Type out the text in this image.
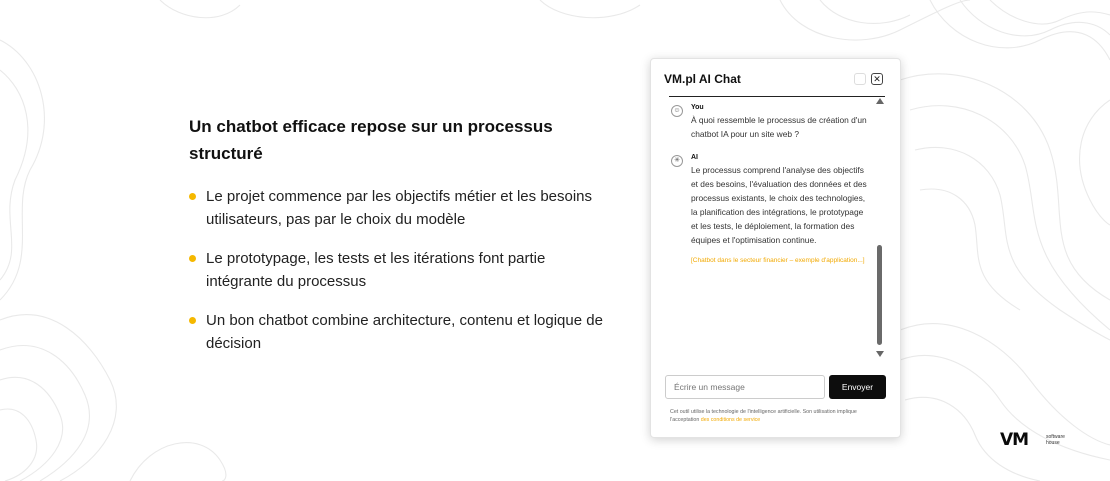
Un chatbot efficace repose sur un processus structuré
Le projet commence par les objectifs métier et les besoins utilisateurs, pas par le choix du modèle
Le prototypage, les tests et les itérations font partie intégrante du processus
Un bon chatbot combine architecture, contenu et logique de décision
VM.pl AI Chat	✕
☺	You
À quoi ressemble le processus de création d'un chatbot IA pour un site web ?
✳	AI
Le processus comprend l'analyse des objectifs et des besoins, l'évaluation des données et des processus existants, le choix des technologies, la planification des intégrations, le prototypage et les tests, le déploiement, la formation des équipes et l'optimisation continue.
[Chatbot dans le secteur financier – exemple d'application...]
Écrire un message
Envoyer
Cet outil utilise la technologie de l'intelligence artificielle. Son utilisation implique l'acceptation des conditions de service
VM	software house
